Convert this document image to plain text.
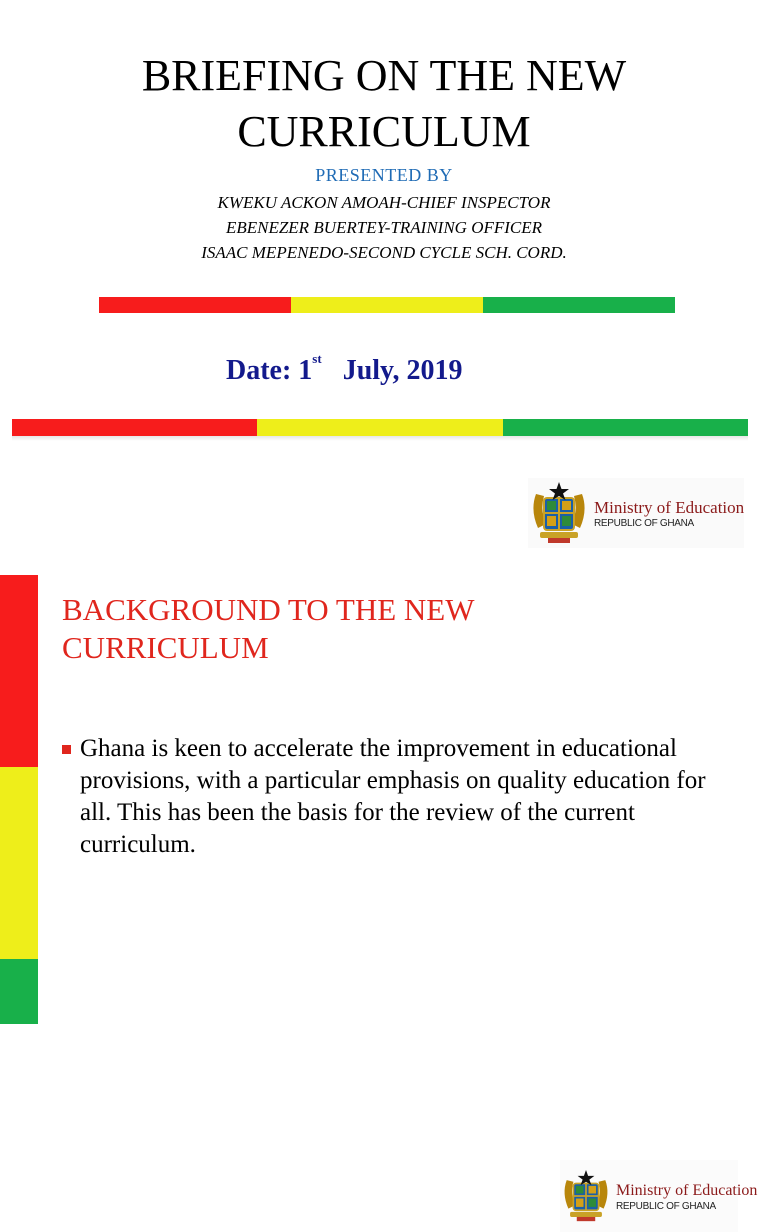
BRIEFING ON THE NEW
CURRICULUM
PRESENTED BY
KWEKU ACKON AMOAH-CHIEF INSPECTOR
EBENEZER BUERTEY-TRAINING OFFICER
ISAAC MEPENEDO-SECOND CYCLE SCH. CORD.
Date: 1st July, 2019
Ministry of Education
REPUBLIC OF GHANA
BACKGROUND TO THE NEW
CURRICULUM
Ministry of Education
REPUBLIC OF GHANA
Ghana is keen to accelerate the improvement in educational provisions, with a particular emphasis on quality education for all. This has been the basis for the review of the current curriculum.
